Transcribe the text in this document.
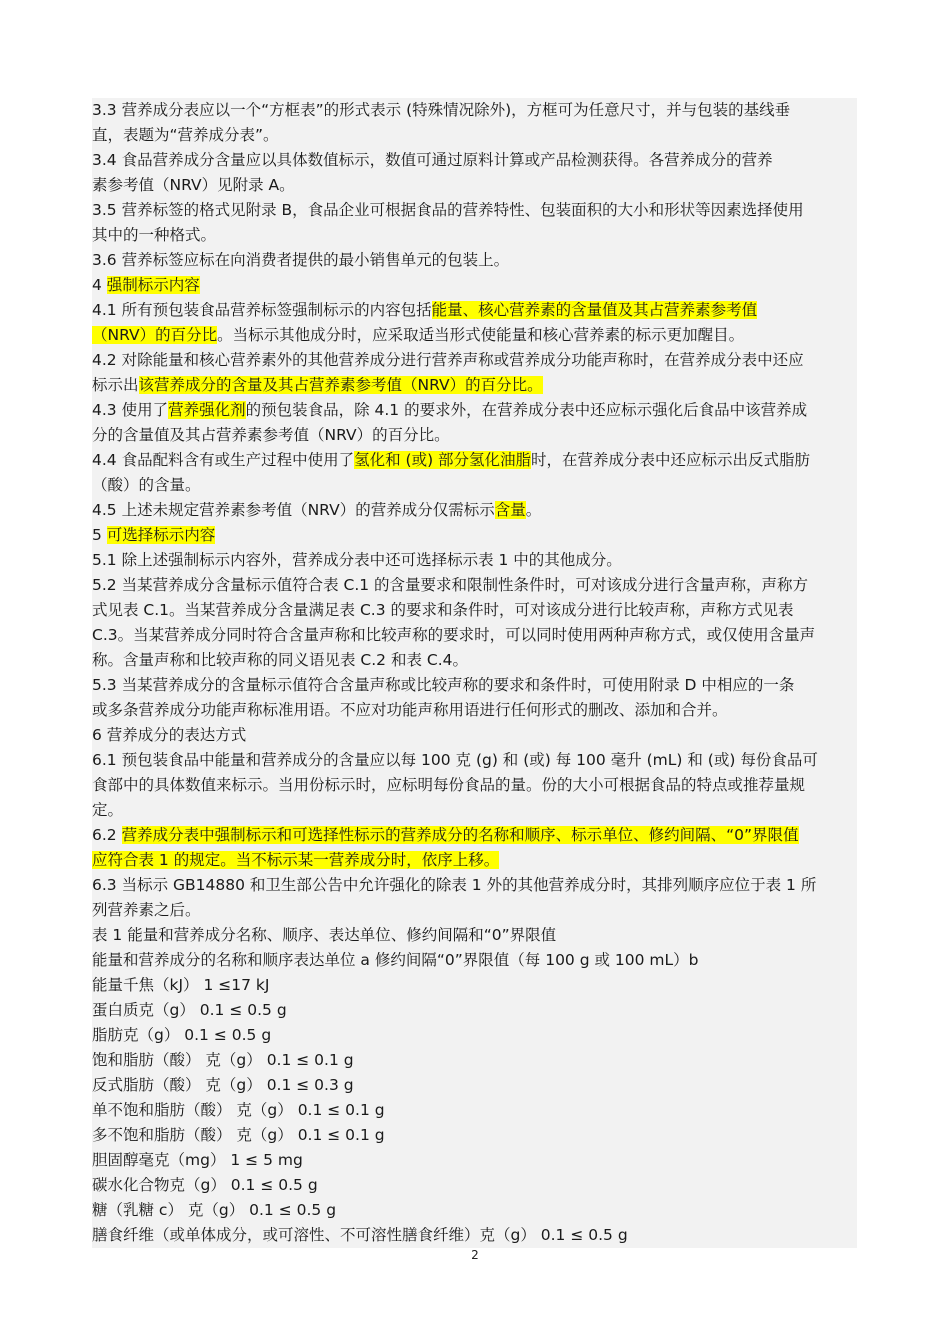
3.3 营养成分表应以一个“方框表”的形式表示 (特殊情况除外)，方框可为任意尺寸，并与包装的基线垂
直，表题为“营养成分表”。
3.4 食品营养成分含量应以具体数值标示，数值可通过原料计算或产品检测获得。各营养成分的营养
素参考值（NRV）见附录 A。
3.5 营养标签的格式见附录 B，食品企业可根据食品的营养特性、包装面积的大小和形状等因素选择使用
其中的一种格式。
3.6 营养标签应标在向消费者提供的最小销售单元的包装上。
4 强制标示内容
4.1 所有预包装食品营养标签强制标示的内容包括能量、核心营养素的含量值及其占营养素参考值
（NRV）的百分比。当标示其他成分时，应采取适当形式使能量和核心营养素的标示更加醒目。
4.2 对除能量和核心营养素外的其他营养成分进行营养声称或营养成分功能声称时，在营养成分表中还应
标示出该营养成分的含量及其占营养素参考值（NRV）的百分比。
4.3 使用了营养强化剂的预包装食品，除 4.1 的要求外，在营养成分表中还应标示强化后食品中该营养成
分的含量值及其占营养素参考值（NRV）的百分比。
4.4 食品配料含有或生产过程中使用了氢化和 (或) 部分氢化油脂时，在营养成分表中还应标示出反式脂肪
（酸）的含量。
4.5 上述未规定营养素参考值（NRV）的营养成分仅需标示含量。
5 可选择标示内容
5.1 除上述强制标示内容外，营养成分表中还可选择标示表 1 中的其他成分。
5.2 当某营养成分含量标示值符合表 C.1 的含量要求和限制性条件时，可对该成分进行含量声称，声称方
式见表 C.1。当某营养成分含量满足表 C.3 的要求和条件时，可对该成分进行比较声称，声称方式见表
C.3。当某营养成分同时符合含量声称和比较声称的要求时，可以同时使用两种声称方式，或仅使用含量声
称。含量声称和比较声称的同义语见表 C.2 和表 C.4。
5.3 当某营养成分的含量标示值符合含量声称或比较声称的要求和条件时，可使用附录 D 中相应的一条
或多条营养成分功能声称标准用语。不应对功能声称用语进行任何形式的删改、添加和合并。
6 营养成分的表达方式
6.1 预包装食品中能量和营养成分的含量应以每 100 克 (g) 和 (或) 每 100 毫升 (mL) 和 (或) 每份食品可
食部中的具体数值来标示。当用份标示时，应标明每份食品的量。份的大小可根据食品的特点或推荐量规
定。
6.2 营养成分表中强制标示和可选择性标示的营养成分的名称和顺序、标示单位、修约间隔、“0”界限值
应符合表 1 的规定。当不标示某一营养成分时，依序上移。
6.3 当标示 GB14880 和卫生部公告中允许强化的除表 1 外的其他营养成分时，其排列顺序应位于表 1 所
列营养素之后。
表 1 能量和营养成分名称、顺序、表达单位、修约间隔和“0”界限值
能量和营养成分的名称和顺序表达单位 a 修约间隔“0”界限值（每 100 g 或 100 mL）b
能量千焦（kJ） 1 ≤17 kJ
蛋白质克（g） 0.1 ≤ 0.5 g
脂肪克（g） 0.1 ≤ 0.5 g
饱和脂肪（酸） 克（g） 0.1 ≤ 0.1 g
反式脂肪（酸） 克（g） 0.1 ≤ 0.3 g
单不饱和脂肪（酸） 克（g） 0.1 ≤ 0.1 g
多不饱和脂肪（酸） 克（g） 0.1 ≤ 0.1 g
胆固醇毫克（mg） 1 ≤ 5 mg
碳水化合物克（g） 0.1 ≤ 0.5 g
糖（乳糖 c） 克（g） 0.1 ≤ 0.5 g
膳食纤维（或单体成分，或可溶性、不可溶性膳食纤维）克（g） 0.1 ≤ 0.5 g
2
